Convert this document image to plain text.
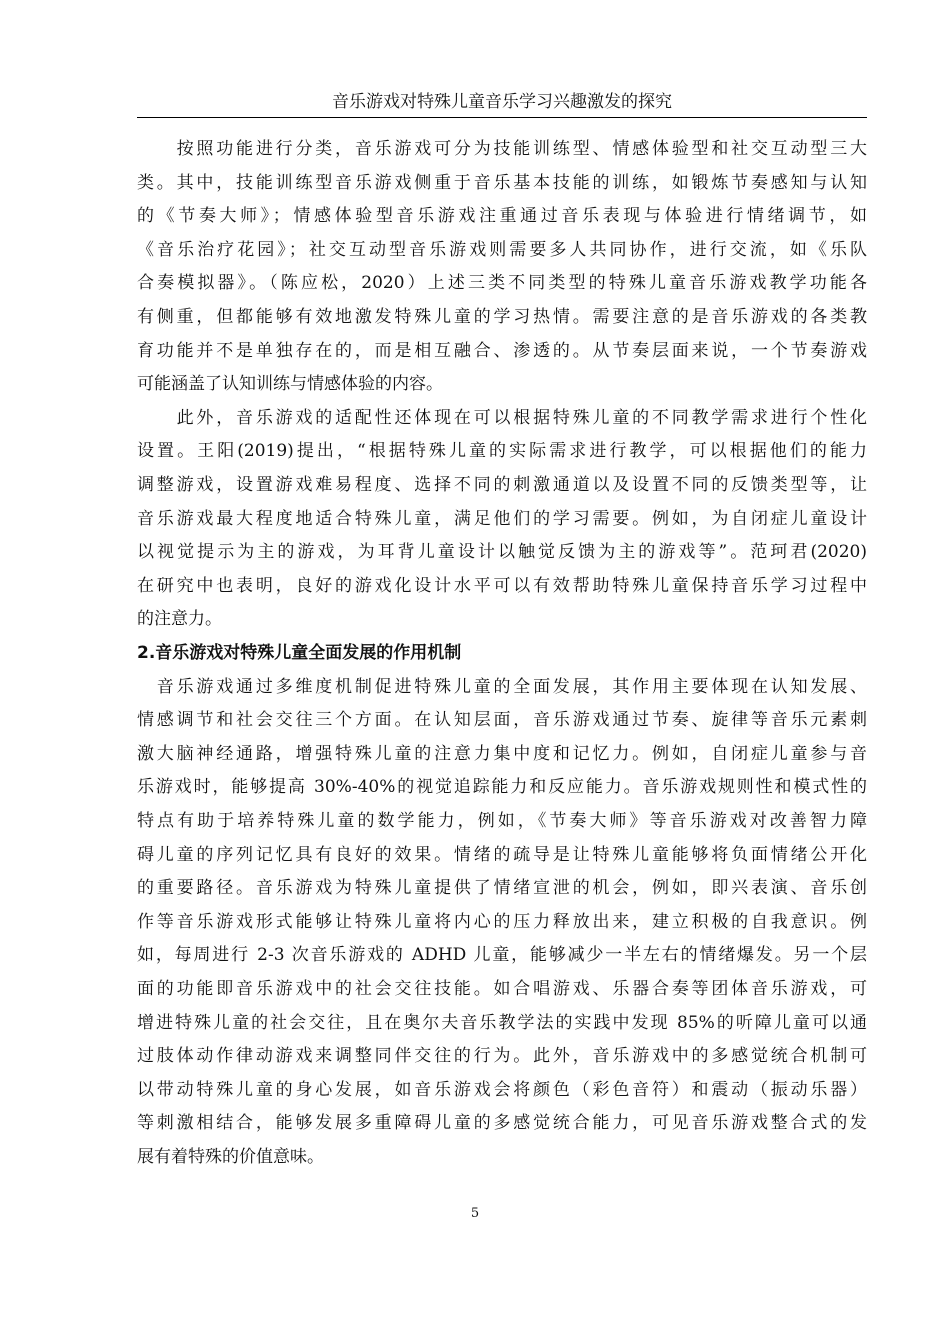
音乐游戏对特殊儿童音乐学习兴趣激发的探究
　　按照功能进行分类，音乐游戏可分为技能训练型、情感体验型和社交互动型三大
类。其中，技能训练型音乐游戏侧重于音乐基本技能的训练，如锻炼节奏感知与认知
的《节奏大师》；情感体验型音乐游戏注重通过音乐表现与体验进行情绪调节，如
《音乐治疗花园》；社交互动型音乐游戏则需要多人共同协作，进行交流，如《乐队
合奏模拟器》。（陈应松，2020）上述三类不同类型的特殊儿童音乐游戏教学功能各
有侧重，但都能够有效地激发特殊儿童的学习热情。需要注意的是音乐游戏的各类教
育功能并不是单独存在的，而是相互融合、渗透的。从节奏层面来说，一个节奏游戏
可能涵盖了认知训练与情感体验的内容。
　　此外，音乐游戏的适配性还体现在可以根据特殊儿童的不同教学需求进行个性化
设置。王阳(2019)提出，“根据特殊儿童的实际需求进行教学，可以根据他们的能力
调整游戏，设置游戏难易程度、选择不同的刺激通道以及设置不同的反馈类型等，让
音乐游戏最大程度地适合特殊儿童，满足他们的学习需要。例如，为自闭症儿童设计
以视觉提示为主的游戏，为耳背儿童设计以触觉反馈为主的游戏等”。范珂君(2020)
在研究中也表明，良好的游戏化设计水平可以有效帮助特殊儿童保持音乐学习过程中
的注意力。
2.音乐游戏对特殊儿童全面发展的作用机制
　音乐游戏通过多维度机制促进特殊儿童的全面发展，其作用主要体现在认知发展、
情感调节和社会交往三个方面。在认知层面，音乐游戏通过节奏、旋律等音乐元素刺
激大脑神经通路，增强特殊儿童的注意力集中度和记忆力。例如，自闭症儿童参与音
乐游戏时，能够提高 30%-40%的视觉追踪能力和反应能力。音乐游戏规则性和模式性的
特点有助于培养特殊儿童的数学能力，例如，《节奏大师》等音乐游戏对改善智力障
碍儿童的序列记忆具有良好的效果。情绪的疏导是让特殊儿童能够将负面情绪公开化
的重要路径。音乐游戏为特殊儿童提供了情绪宣泄的机会，例如，即兴表演、音乐创
作等音乐游戏形式能够让特殊儿童将内心的压力释放出来，建立积极的自我意识。例
如，每周进行 2-3 次音乐游戏的 ADHD 儿童，能够减少一半左右的情绪爆发。另一个层
面的功能即音乐游戏中的社会交往技能。如合唱游戏、乐器合奏等团体音乐游戏，可
增进特殊儿童的社会交往，且在奥尔夫音乐教学法的实践中发现 85%的听障儿童可以通
过肢体动作律动游戏来调整同伴交往的行为。此外，音乐游戏中的多感觉统合机制可
以带动特殊儿童的身心发展，如音乐游戏会将颜色（彩色音符）和震动（振动乐器）
等刺激相结合，能够发展多重障碍儿童的多感觉统合能力，可见音乐游戏整合式的发
展有着特殊的价值意味。
5
